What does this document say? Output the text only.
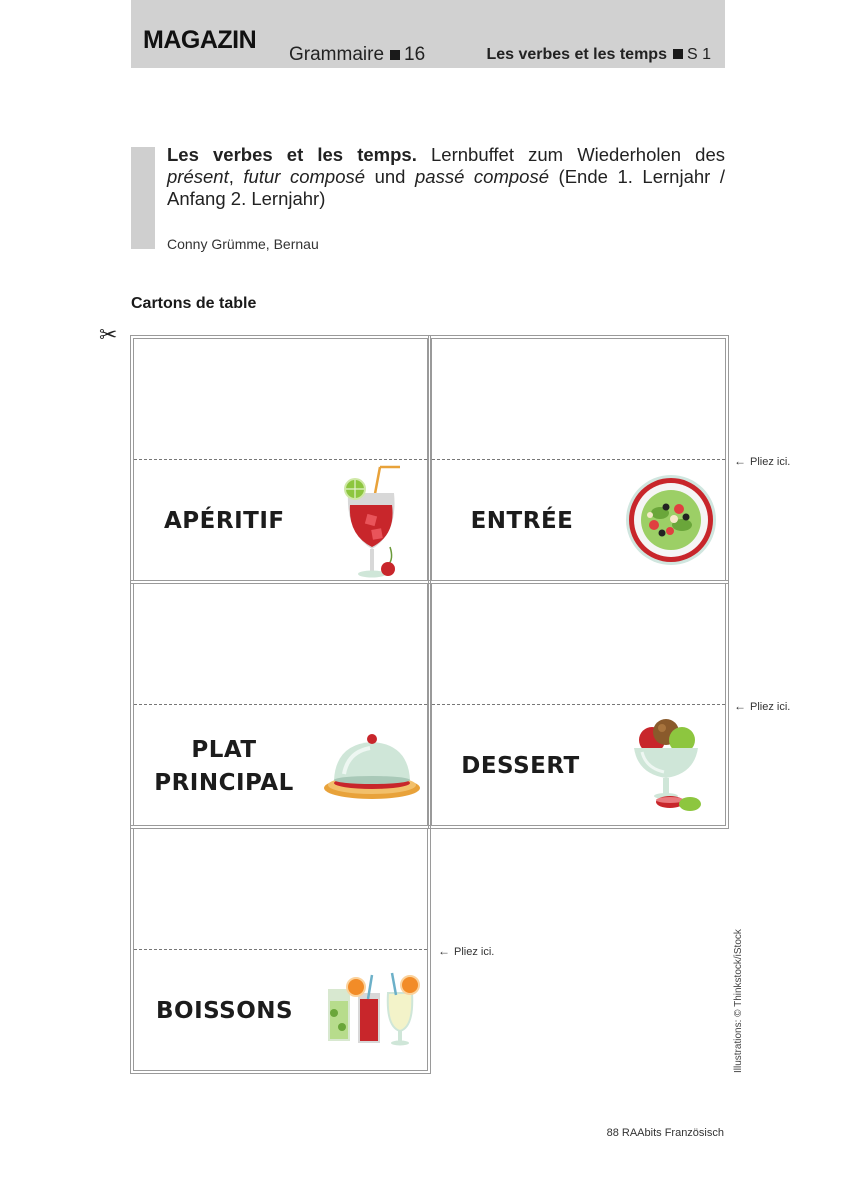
MAGAZIN
Grammaire 16	Les verbes et les temps S 1
Les verbes et les temps. Lernbuffet zum Wiederholen des présent, futur composé und passé composé (Ende 1. Lernjahr / Anfang 2. Lernjahr)
Conny Grümme, Bernau
Cartons de table
✂
APÉRITIF	ENTRÉE
PLAT
PRINCIPAL
DESSERT
BOISSONS
← Pliez ici.
← Pliez ici.
← Pliez ici.	Illustrations: © Thinkstock/iStock
88 RAAbits Französisch
